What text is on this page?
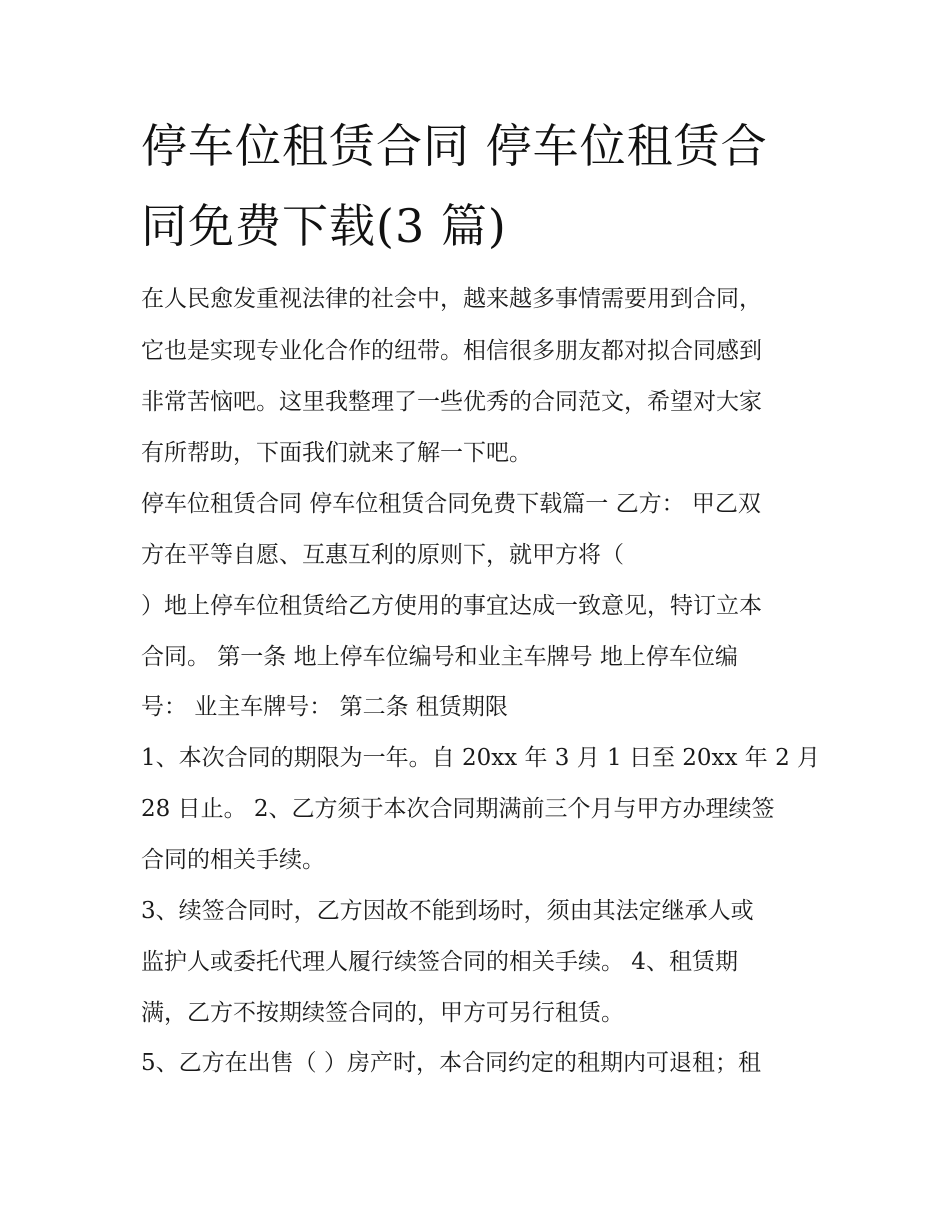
停车位租赁合同 停车位租赁合
同免费下载(3 篇)
在人民愈发重视法律的社会中，越来越多事情需要用到合同，
它也是实现专业化合作的纽带。相信很多朋友都对拟合同感到
非常苦恼吧。这里我整理了一些优秀的合同范文，希望对大家
有所帮助，下面我们就来了解一下吧。
停车位租赁合同 停车位租赁合同免费下载篇一 乙方： 甲乙双
方在平等自愿、互惠互利的原则下，就甲方将（
）地上停车位租赁给乙方使用的事宜达成一致意见，特订立本
合同。 第一条 地上停车位编号和业主车牌号 地上停车位编
号： 业主车牌号： 第二条 租赁期限
1、本次合同的期限为一年。自 20xx 年 3 月 1 日至 20xx 年 2 月
28 日止。 2、乙方须于本次合同期满前三个月与甲方办理续签
合同的相关手续。
3、续签合同时，乙方因故不能到场时，须由其法定继承人或
监护人或委托代理人履行续签合同的相关手续。 4、租赁期
满，乙方不按期续签合同的，甲方可另行租赁。
5、乙方在出售（ ）房产时，本合同约定的租期内可退租；租
